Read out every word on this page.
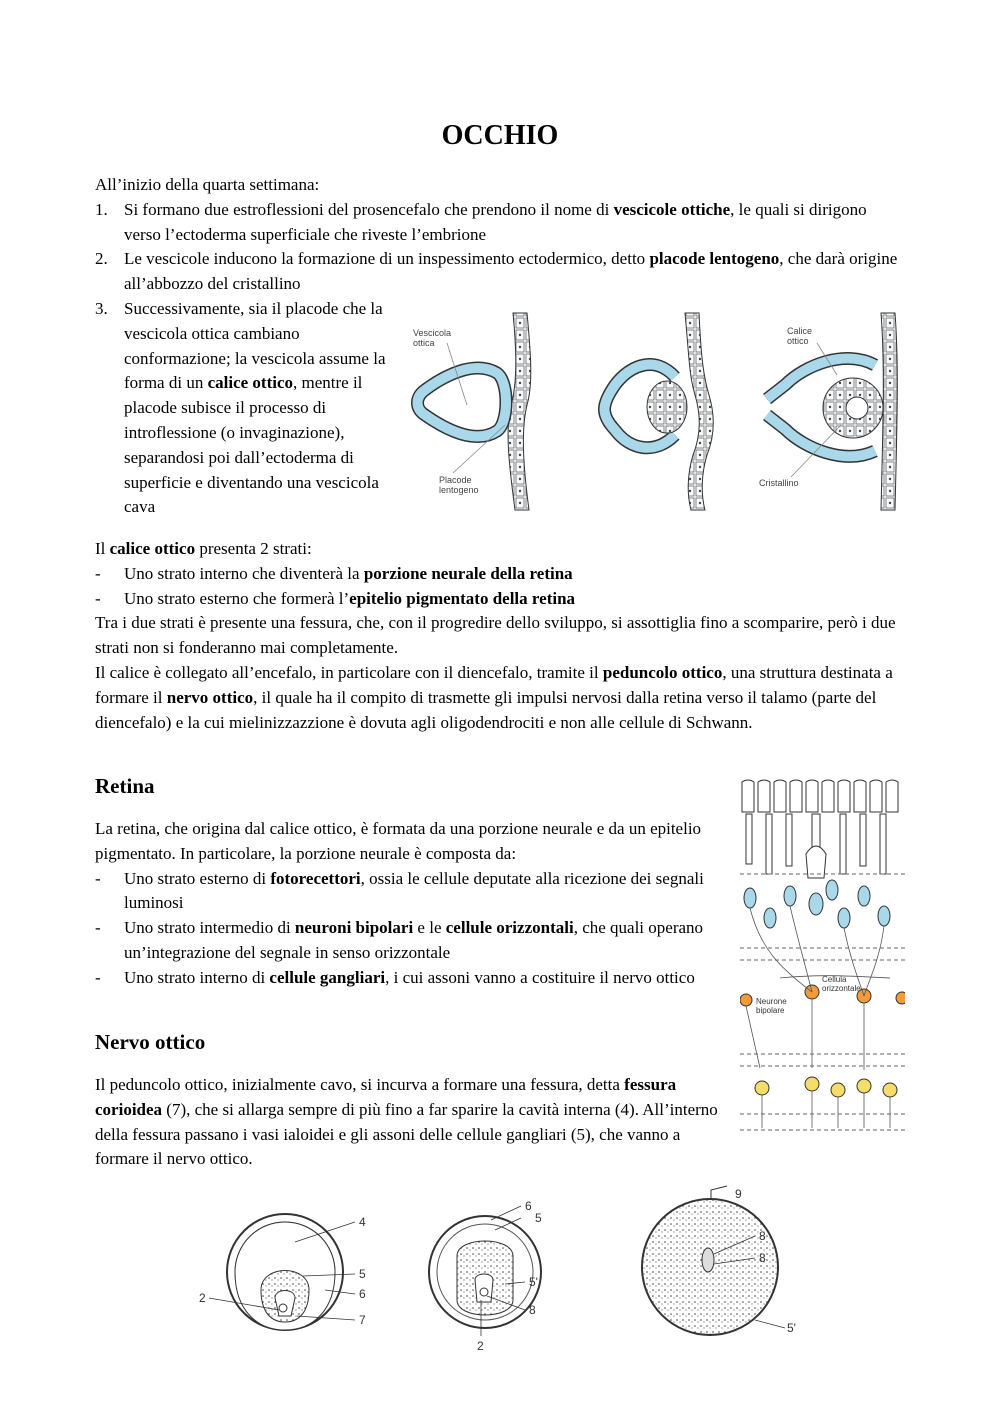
OCCHIO

All’inizio della quarta settimana:

1. Si formano due estroflessioni del prosencefalo che prendono il nome di vescicole ottiche, le quali si dirigono verso l’ectoderma superficiale che riveste l’embrione
2. Le vescicole inducono la formazione di un inspessimento ectodermico, detto placode lentogeno, che darà origine all’abbozzo del cristallino
3. Successivamente, sia il placode che la vescicola ottica cambiano conformazione; la vescicola assume la forma di un calice ottico, mentre il placode subisce il processo di introflessione (o invaginazione), separandosi poi dall’ectoderma di superficie e diventando una vescicola cava
Vescicola
ottica
Placode
lentogeno
Calice
ottico
Cristallino

Il calice ottico presenta 2 strati:

- Uno strato interno che diventerà la porzione neurale della retina
- Uno strato esterno che formerà l’epitelio pigmentato della retina

Tra i due strati è presente una fessura, che, con il progredire dello sviluppo, si assottiglia fino a scomparire, però i due strati non si fonderanno mai completamente.

Il calice è collegato all’encefalo, in particolare con il diencefalo, tramite il peduncolo ottico, una struttura destinata a formare il nervo ottico, il quale ha il compito di trasmette gli impulsi nervosi dalla retina verso il talamo (parte del diencefalo) e la cui mielinizzazzione è dovuta agli oligodendrociti e non alle cellule di Schwann.

Retina

La retina, che origina dal calice ottico, è formata da una porzione neurale e da un epitelio pigmentato. In particolare, la porzione neurale è composta da:

- Uno strato esterno di fotorecettori, ossia le cellule deputate alla ricezione dei segnali luminosi
- Uno strato intermedio di neuroni bipolari e le cellule orizzontali, che quali operano un’integrazione del segnale in senso orizzontale
- Uno strato interno di cellule gangliari, i cui assoni vanno a costituire il nervo ottico	Cellula
orizzontale
Neurone
bipolare
Nervo ottico

Il peduncolo ottico, inizialmente cavo, si incurva a formare una fessura, detta fessura corioidea (7), che si allarga sempre di più fino a far sparire la cavità interna (4). All’interno della fessura passano i vasi ialoidei e gli assoni delle cellule gangliari (5), che vanno a formare il nervo ottico.

4
5
6
7
2
6
5
5'
8
2
9
8
8
5'
